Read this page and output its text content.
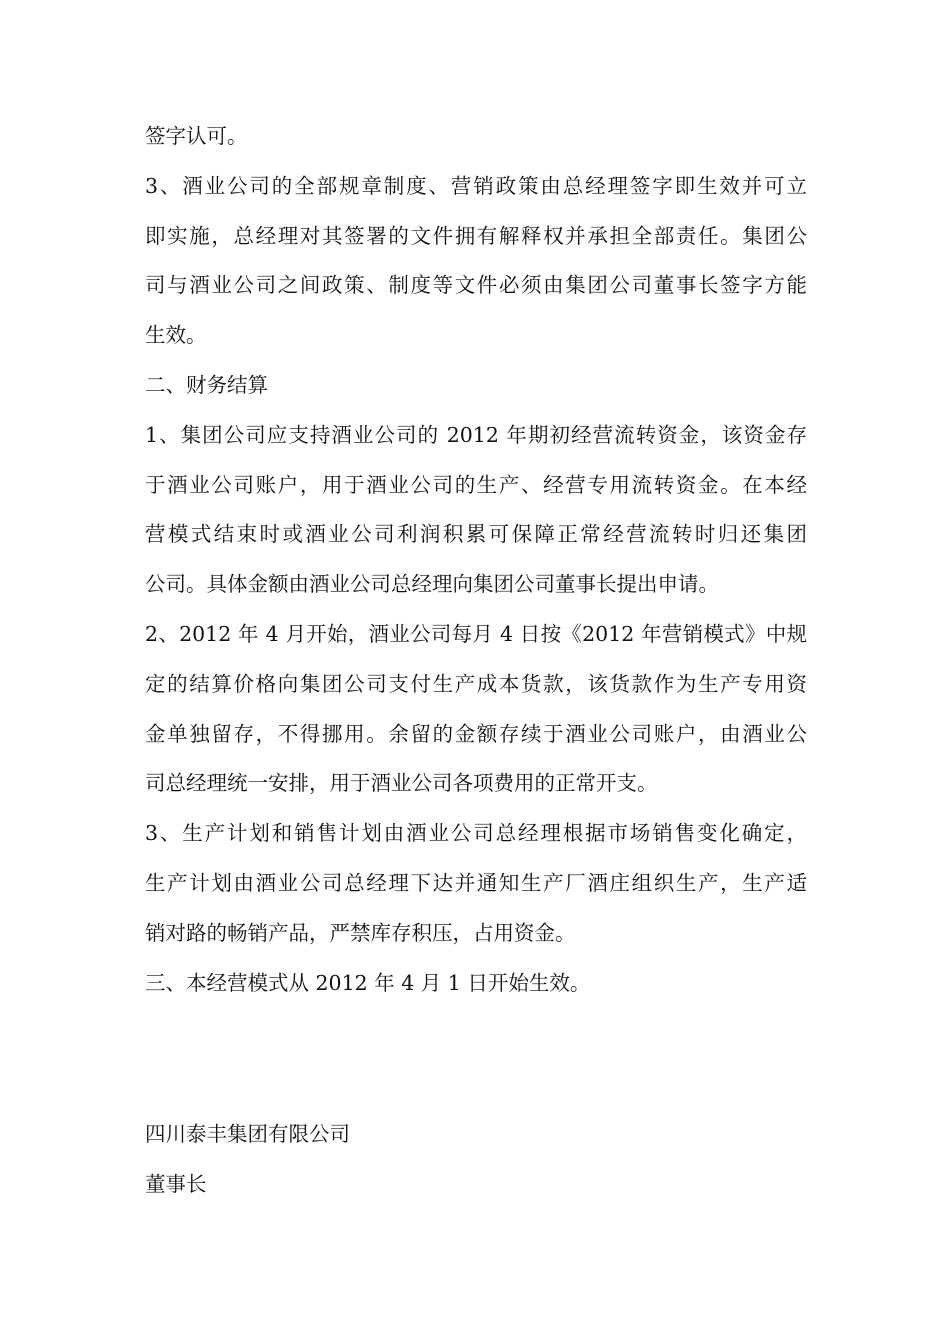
签字认可。
3、酒业公司的全部规章制度、营销政策由总经理签字即生效并可立
即实施，总经理对其签署的文件拥有解释权并承担全部责任。集团公
司与酒业公司之间政策、制度等文件必须由集团公司董事长签字方能
生效。
二、财务结算
1、集团公司应支持酒业公司的 2012 年期初经营流转资金，该资金存
于酒业公司账户，用于酒业公司的生产、经营专用流转资金。在本经
营模式结束时或酒业公司利润积累可保障正常经营流转时归还集团
公司。具体金额由酒业公司总经理向集团公司董事长提出申请。
2、2012 年 4 月开始，酒业公司每月 4 日按《2012 年营销模式》中规
定的结算价格向集团公司支付生产成本货款，该货款作为生产专用资
金单独留存，不得挪用。余留的金额存续于酒业公司账户，由酒业公
司总经理统一安排，用于酒业公司各项费用的正常开支。
3、生产计划和销售计划由酒业公司总经理根据市场销售变化确定，
生产计划由酒业公司总经理下达并通知生产厂酒庄组织生产，生产适
销对路的畅销产品，严禁库存积压，占用资金。
三、本经营模式从 2012 年 4 月 1 日开始生效。
四川泰丰集团有限公司
董事长
